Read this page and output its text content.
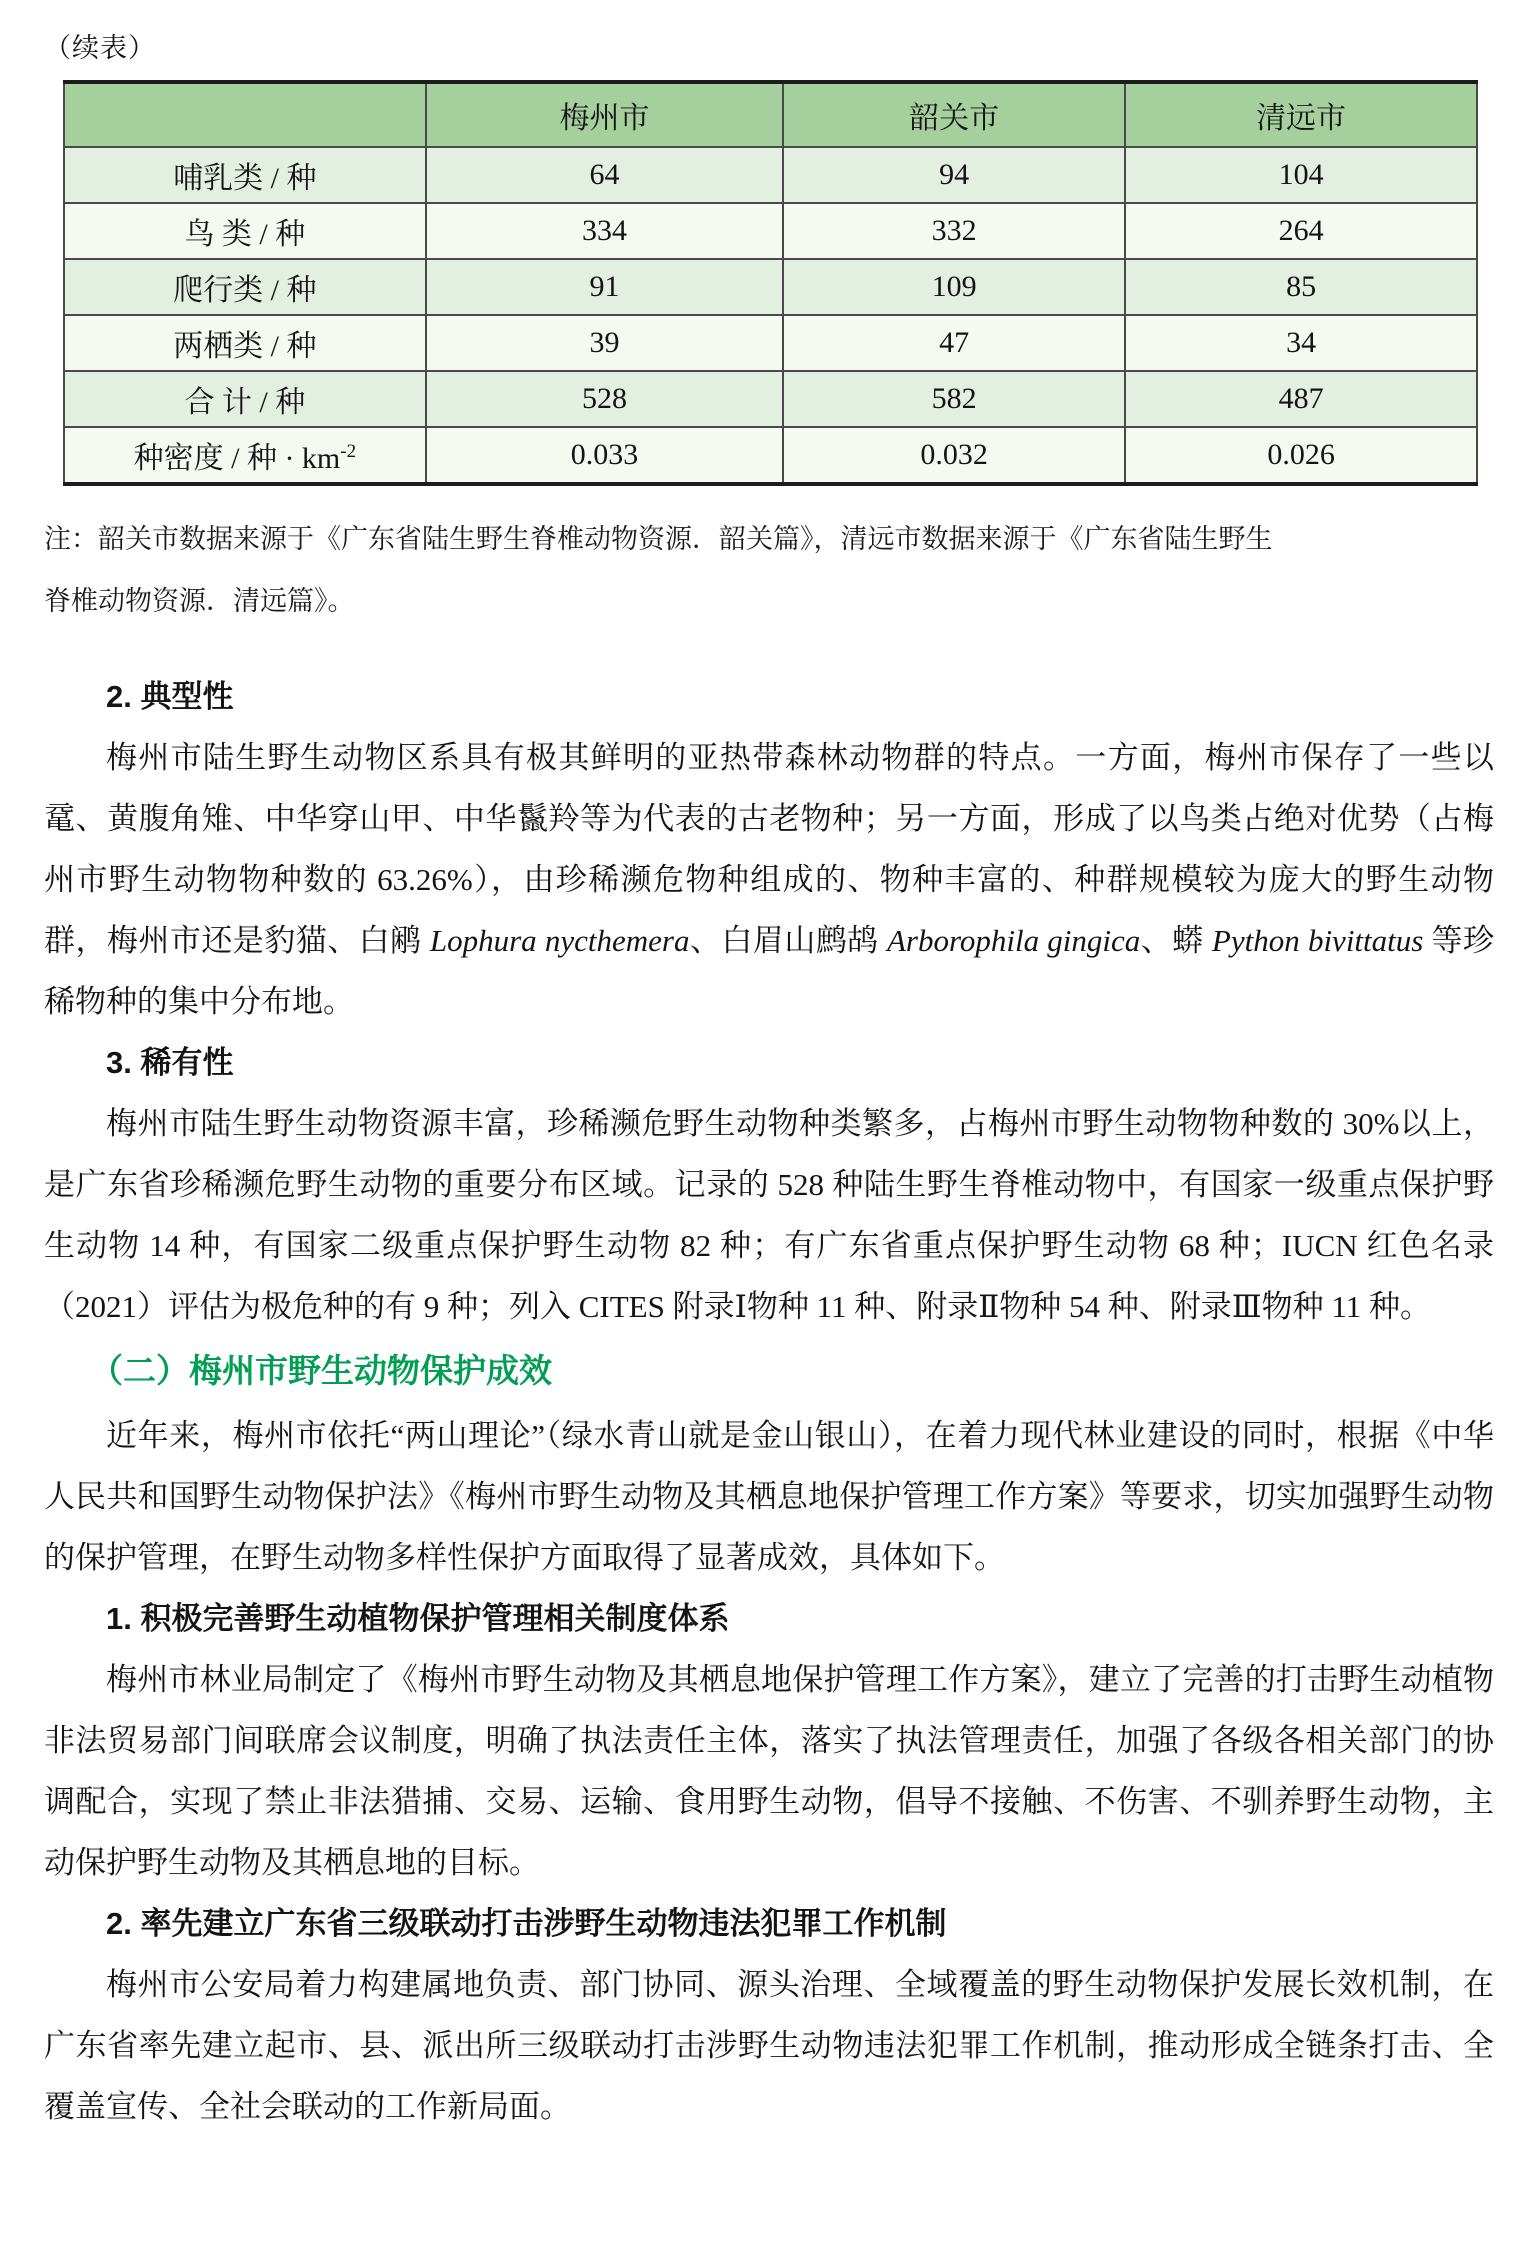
（续表）
	梅州市	韶关市	清远市
哺乳类 / 种	64	94	104
鸟 类 / 种	334	332	264
爬行类 / 种	91	109	85
两栖类 / 种	39	47	34
合 计 / 种	528	582	487
种密度 / 种 · $km^{-2}$	0.033	0.032	0.026
注：韶关市数据来源于《广东省陆生野生脊椎动物资源．韶关篇》，清远市数据来源于《广东省陆生野生
脊椎动物资源．清远篇》。
2. 典型性

梅州市陆生野生动物区系具有极其鲜明的亚热带森林动物群的特点。一方面，梅州市保存了一些以鼋、黄腹角雉、中华穿山甲、中华鬣羚等为代表的古老物种；另一方面，形成了以鸟类占绝对优势（占梅州市野生动物物种数的 63.26%），由珍稀濒危物种组成的、物种丰富的、种群规模较为庞大的野生动物群，梅州市还是豹猫、白鹇 Lophura nycthemera、白眉山鹧鸪 Arborophila gingica、蟒 Python bivittatus 等珍稀物种的集中分布地。

3. 稀有性

梅州市陆生野生动物资源丰富，珍稀濒危野生动物种类繁多，占梅州市野生动物物种数的 30%以上，是广东省珍稀濒危野生动物的重要分布区域。记录的 528 种陆生野生脊椎动物中，有国家一级重点保护野生动物 14 种，有国家二级重点保护野生动物 82 种；有广东省重点保护野生动物 68 种；IUCN 红色名录（2021）评估为极危种的有 9 种；列入 CITES 附录Ⅰ物种 11 种、附录Ⅱ物种 54 种、附录Ⅲ物种 11 种。

（二）梅州市野生动物保护成效

近年来，梅州市依托“两山理论”（绿水青山就是金山银山），在着力现代林业建设的同时，根据《中华人民共和国野生动物保护法》《梅州市野生动物及其栖息地保护管理工作方案》等要求，切实加强野生动物的保护管理，在野生动物多样性保护方面取得了显著成效，具体如下。

1. 积极完善野生动植物保护管理相关制度体系

梅州市林业局制定了《梅州市野生动物及其栖息地保护管理工作方案》，建立了完善的打击野生动植物非法贸易部门间联席会议制度，明确了执法责任主体，落实了执法管理责任，加强了各级各相关部门的协调配合，实现了禁止非法猎捕、交易、运输、食用野生动物，倡导不接触、不伤害、不驯养野生动物，主动保护野生动物及其栖息地的目标。

2. 率先建立广东省三级联动打击涉野生动物违法犯罪工作机制

梅州市公安局着力构建属地负责、部门协同、源头治理、全域覆盖的野生动物保护发展长效机制，在广东省率先建立起市、县、派出所三级联动打击涉野生动物违法犯罪工作机制，推动形成全链条打击、全覆盖宣传、全社会联动的工作新局面。
